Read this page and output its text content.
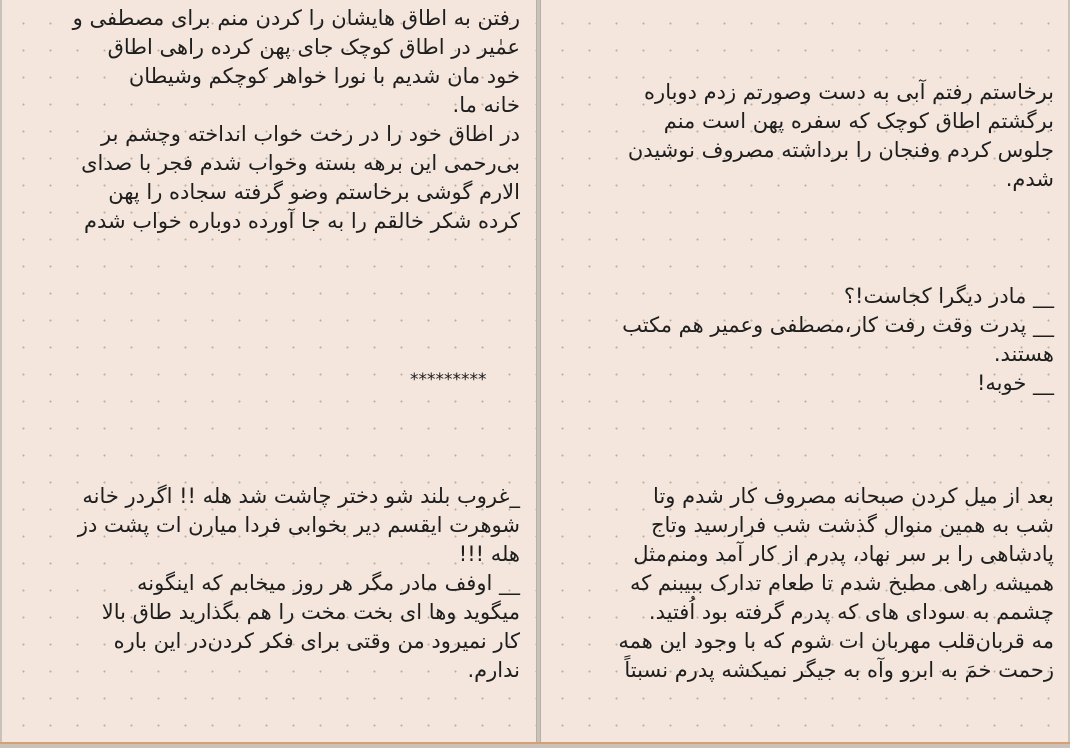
برخاستم رفتم آبی به دست وصورتم زدم دوباره
برگشتم اطاق کوچک که سفره پهن است منم
جلوس کردم وفنجان را برداشته مصروف نوشیدن
شدم.
__ مادر دیگرا کجاست!؟
__ پدرت وقت رفت کار،مصطفی وعمیر هم مکتب
هستند.
__ خوبه!
بعد از میل کردن صبحانه مصروف کار شدم وتا
شب به همین منوال گذشت شب فرارسید وتاج
پادشاهی را بر سر نهاد، پدرم از کار آمد ومنم‌مثل
همیشه راهی مطبخ شدم تا طعام تدارک ببیبنم که
چشمم به سودای های که پدرم گرفته بود اُفتید.
مه قربان‌قلب مهربان ات شوم که با وجود این همه
زحمت خمَ به ابرو وآه به جیگر نمیکشه پدرم نسبتاً
رفتن به اطاق هایشان را کردن منم برای مصطفی و
عمٰیر در اطاق کوچک جای پهن کرده راهی اطاق
خود مان شدیم با نورا خواهر کوچکم وشیطان
خانه ما.
در اطاق خود را در رخت خواب انداخته وچشم بر
بی‌رحمی این برهه بسته وخواب شدم فجر با صدای
الارم گوشی برخاستم وضو گرفته سجاده را پهن
کرده شکر خالقم را به جا آورده دوباره خواب شدم
*********
_غروب بلند شو دختر چاشت شد هله !! اگردر خانه
شوهرت ایقسم دیر بخوابی فردا میارن ات پشت دز
هله !!!
__ اوفف مادر مگر هر روز میخابم که اینگونه
میگوید وها ای بخت مخت را هم بگذارید طاق بالا
کار نمیرود من وقتی برای فکر کردن‌در این باره
ندارم.
